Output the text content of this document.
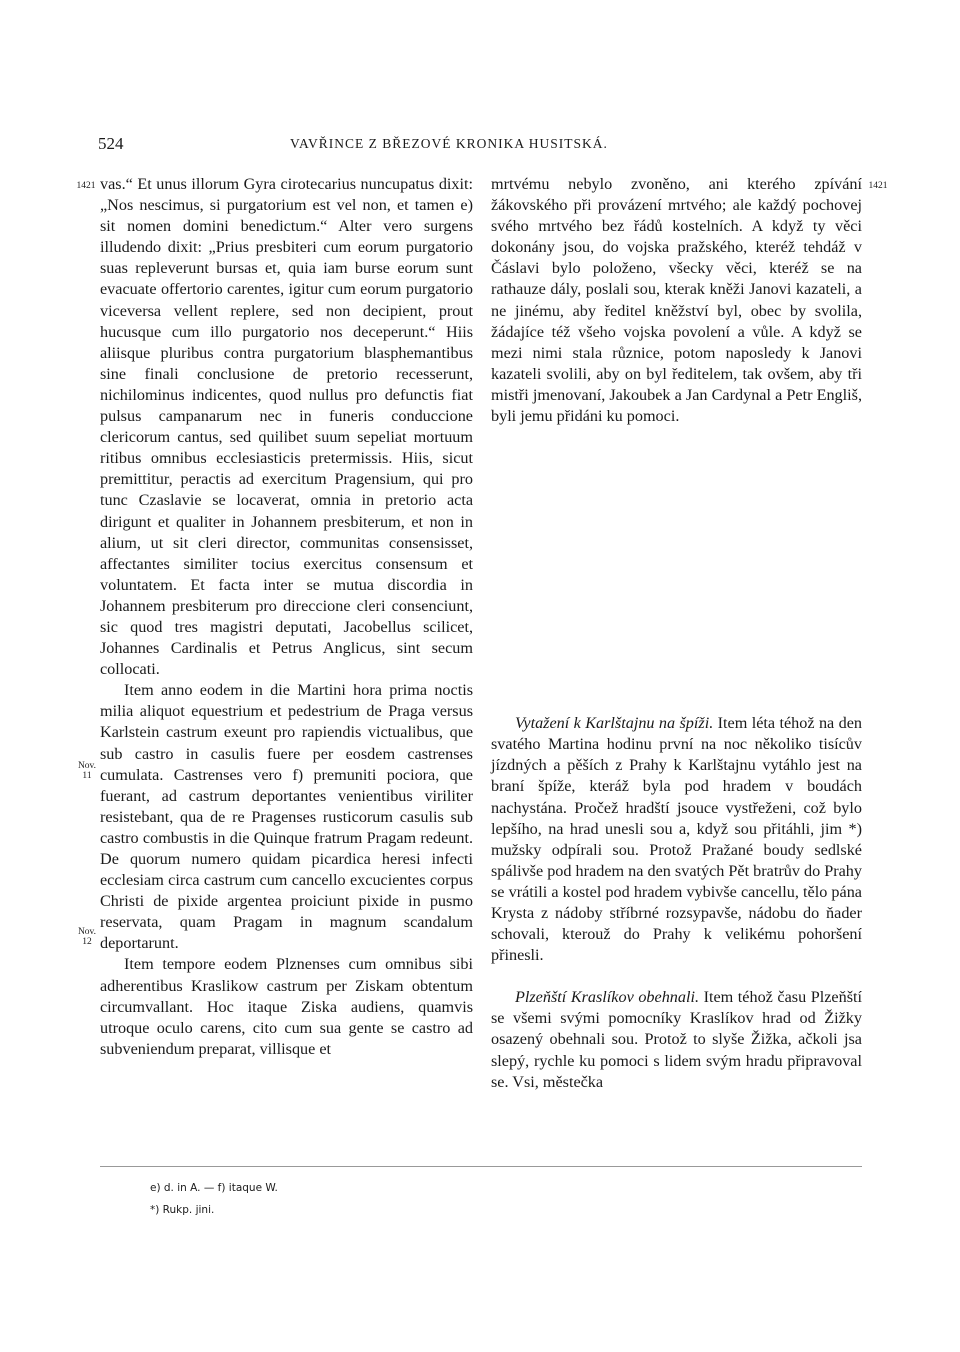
524	VAVŘINCE Z BŘEZOVÉ KRONIKA HUSITSKÁ.
1421	1421
Nov. 11
Nov. 12

vas.“ Et unus illorum Gyra cirotecarius nuncupatus dixit: „Nos nescimus, si purgatorium est vel non, et tamen e) sit nomen domini benedictum.“ Alter vero surgens illudendo dixit: „Prius presbiteri cum eorum purgatorio suas repleverunt bursas et, quia iam burse eorum sunt evacuate offertorio carentes, igitur cum eorum purgatorio viceversa vellent replere, sed non decipient, prout hucusque cum illo purgatorio nos deceperunt.“ Hiis aliisque pluribus contra purgatorium blasphemantibus sine finali conclusione de pretorio recesserunt, nichilominus indicentes, quod nullus pro defunctis fiat pulsus campanarum nec in funeris conduccione clericorum cantus, sed quilibet suum sepeliat mortuum ritibus omnibus ecclesiasticis pretermissis. Hiis, sicut premittitur, peractis ad exercitum Pragensium, qui pro tunc Czaslavie se locaverat, omnia in pretorio acta dirigunt et qualiter in Johannem presbiterum, et non in alium, ut sit cleri director, communitas consensisset, affectantes similiter tocius exercitus consensum et voluntatem. Et facta inter se mutua discordia in Johannem presbiterum pro direccione cleri consenciunt, sic quod tres magistri deputati, Jacobellus scilicet, Johannes Cardinalis et Petrus Anglicus, sint secum collocati.

Item anno eodem in die Martini hora prima noctis milia aliquot equestrium et pedestrium de Praga versus Karlstein castrum exeunt pro rapiendis victualibus, que sub castro in casulis fuere per eosdem castrenses cumulata. Castrenses vero f) premuniti pociora, que fuerant, ad castrum deportantes venientibus viriliter resistebant, qua de re Pragenses rusticorum casulis sub castro combustis in die Quinque fratrum Pragam redeunt. De quorum numero quidam picardica heresi infecti ecclesiam circa castrum cum cancello excucientes corpus Christi de pixide argentea proiciunt pixide in pusmo reservata, quam Pragam in magnum scandalum deportarunt.

Item tempore eodem Plznenses cum omnibus sibi adherentibus Kraslikow castrum per Ziskam obtentum circumvallant. Hoc itaque Ziska audiens, quamvis utroque oculo carens, cito cum sua gente se castro ad subveniendum preparat, villisque et

mrtvému nebylo zvoněno, ani kterého zpívání žákovského při provázení mrtvého; ale každý pochovej svého mrtvého bez řádů kostelních. A když ty věci dokonány jsou, do vojska pražského, kteréž tehdáž v Čáslavi bylo položeno, všecky věci, kteréž se na rathauze dály, poslali sou, kterak kněži Janovi kazateli, a ne jinému, aby ředitel kněžství byl, obec by svolila, žádajíce též všeho vojska povolení a vůle. A když se mezi nimi stala různice, potom naposledy k Janovi kazateli svolili, aby on byl ředitelem, tak ovšem, aby tři mistři jmenovaní, Jakoubek a Jan Cardynal a Petr Engliš, byli jemu přidáni ku pomoci.

Vytažení k Karlštajnu na špíži. Item léta téhož na den svatého Martina hodinu první na noc několiko tisícův jízdných a pěších z Prahy k Karlštajnu vytáhlo jest na braní špíže, kteráž byla pod hradem v boudách nachystána. Pročež hradští jsouce vystřeženi, což bylo lepšího, na hrad unesli sou a, když sou přitáhli, jim *) mužsky odpírali sou. Protož Pražané boudy sedlské spálivše pod hradem na den svatých Pět bratrův do Prahy se vrátili a kostel pod hradem vybivše cancellu, tělo pána Krysta z nádoby stříbrné rozsypavše, nádobu do ňader schovali, kterouž do Prahy k velikému pohoršení přinesli.

Plzeňští Kraslíkov obehnali. Item téhož času Plzeňští se všemi svými pomocníky Kraslíkov hrad od Žižky osazený obehnali sou. Protož to slyše Žižka, ačkoli jsa slepý, rychle ku pomoci s lidem svým hradu připravoval se. Vsi, městečka

e) d. in A. — f) itaque W.
*) Rukp. jini.
